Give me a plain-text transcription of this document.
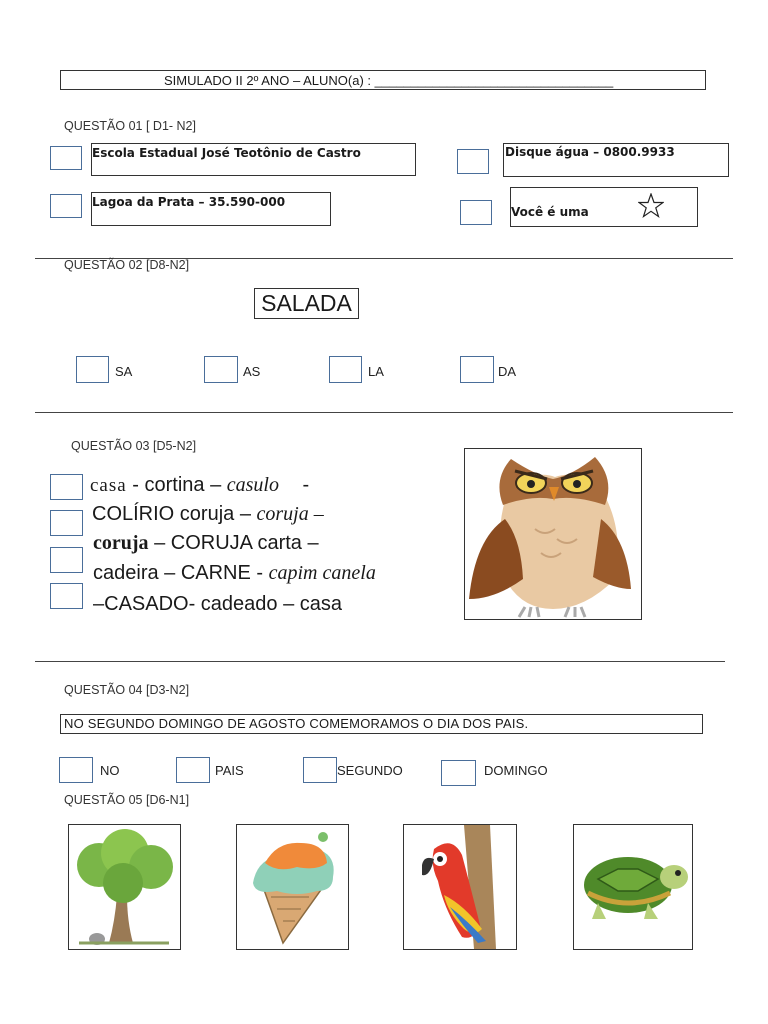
SIMULADO II 2º ANO – ALUNO(a) : _________________________________
QUESTÃO 01 [ D1- N2]
Escola Estadual José Teotônio de Castro	Disque água – 0800.9933
Lagoa da Prata – 35.590-000
Você é uma
QUESTÃO 02 [D8-N2]
SALADA
SA	AS	LA	DA
QUESTÃO 03 [D5-N2]
casa - cortina – casulo -
COLÍRIO coruja – coruja –
coruja – CORUJA carta –
cadeira – CARNE - capim canela
–CASADO- cadeado – casa
QUESTÃO 04 [D3-N2]
NO SEGUNDO DOMINGO DE AGOSTO COMEMORAMOS O DIA DOS PAIS.
NO	PAIS	SEGUNDO	DOMINGO
QUESTÃO 05 [D6-N1]
